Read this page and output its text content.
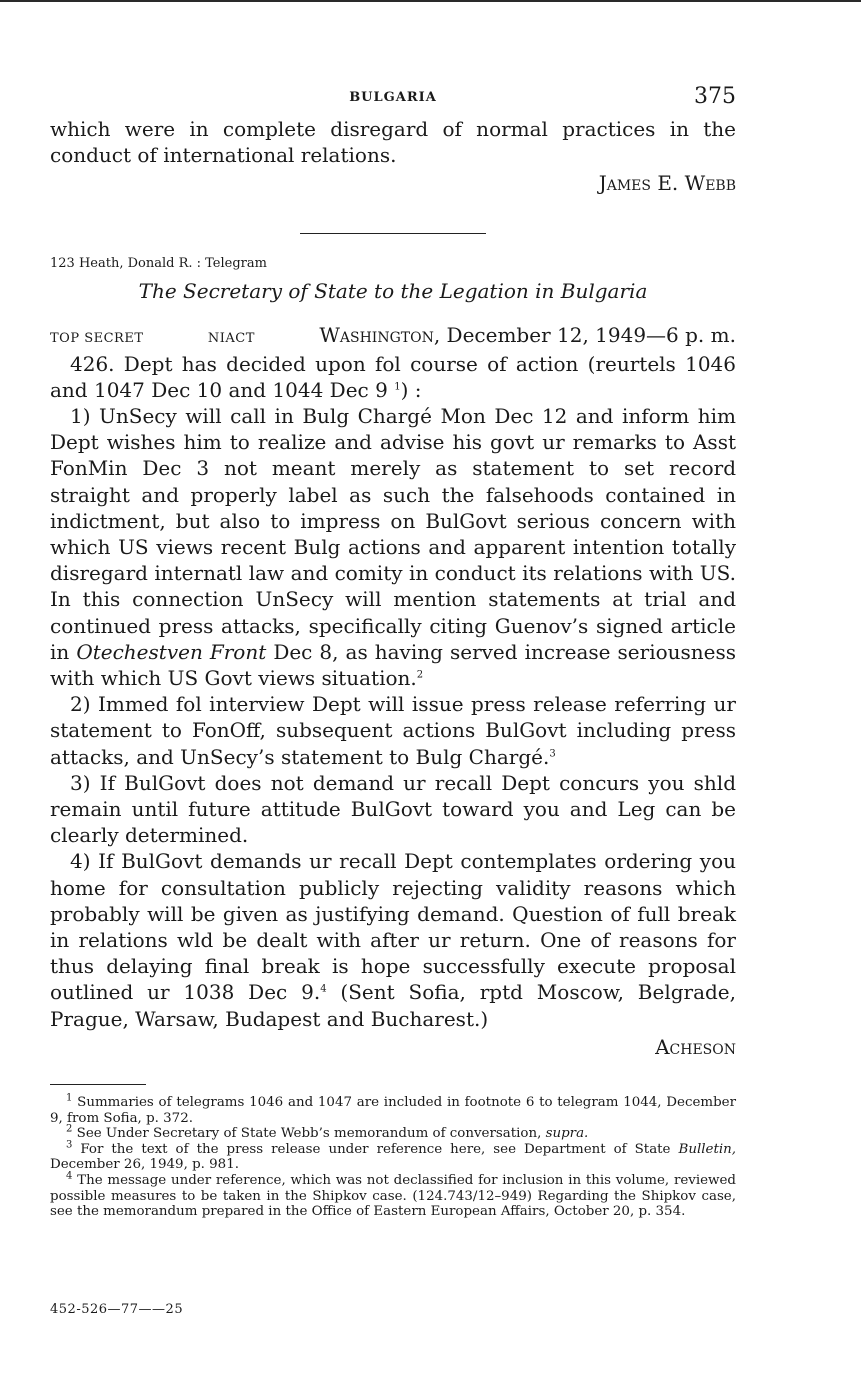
BULGARIA	375

which were in complete disregard of normal practices in the conduct of international relations.

James E. Webb
123 Heath, Donald R. : Telegram
The Secretary of State to the Legation in Bulgaria
TOP SECRET	NIACT	Washington, December 12, 1949—6 p. m.

426. Dept has decided upon fol course of action (reurtels 1046 and 1047 Dec 10 and 1044 Dec 9 $^1$) :

1) UnSecy will call in Bulg Chargé Mon Dec 12 and inform him Dept wishes him to realize and advise his govt ur remarks to Asst FonMin Dec 3 not meant merely as statement to set record straight and properly label as such the falsehoods contained in indictment, but also to impress on BulGovt serious concern with which US views recent Bulg actions and apparent intention totally disregard internatl law and comity in conduct its relations with US. In this connection UnSecy will mention statements at trial and continued press attacks, specifically citing Guenov’s signed article in Otechestven Front Dec 8, as having served increase seriousness with which US Govt views situation.$^2$

2) Immed fol interview Dept will issue press release referring ur statement to FonOff, subsequent actions BulGovt including press attacks, and UnSecy’s statement to Bulg Chargé.$^3$

3) If BulGovt does not demand ur recall Dept concurs you shld remain until future attitude BulGovt toward you and Leg can be clearly determined.

4) If BulGovt demands ur recall Dept contemplates ordering you home for consultation publicly rejecting validity reasons which probably will be given as justifying demand. Question of full break in relations wld be dealt with after ur return. One of reasons for thus delaying final break is hope successfully execute proposal outlined ur 1038 Dec 9.$^4$ (Sent Sofia, rptd Moscow, Belgrade, Prague, Warsaw, Budapest and Bucharest.)

Acheson

$^1$ Summaries of telegrams 1046 and 1047 are included in footnote 6 to telegram 1044, December 9, from Sofia, p. 372.

$^2$ See Under Secretary of State Webb’s memorandum of conversation, supra.

$^3$ For the text of the press release under reference here, see Department of State Bulletin, December 26, 1949, p. 981.

$^4$ The message under reference, which was not declassified for inclusion in this volume, reviewed possible measures to be taken in the Shipkov case. (124.743/12–949) Regarding the Shipkov case, see the memorandum prepared in the Office of Eastern European Affairs, October 20, p. 354.

452-526—77——25
